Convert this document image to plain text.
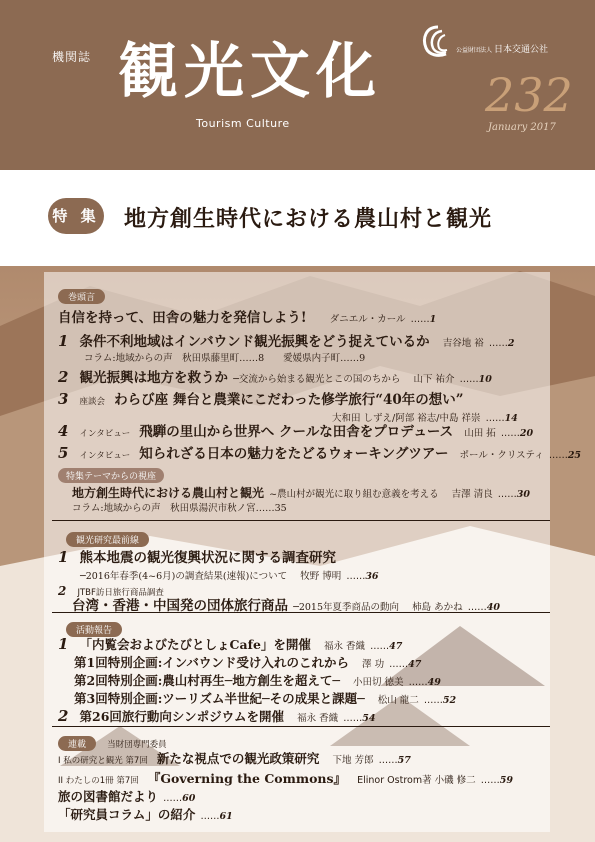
機関誌 観光文化
Tourism Culture
公益財団法人 日本交通公社
232
January 2017
特 集 地方創生時代における農山村と観光
巻頭言
自信を持って、田舎の魅力を発信しよう! ダニエル・カール ……1
1 条件不利地域はインバウンド観光振興をどう捉えているか 吉谷地 裕 ……2
コラム:地域からの声　秋田県藤里町……8　　愛媛県内子町……9
2 観光振興は地方を救うか ─交流から始まる観光とこの国のちから 山下 祐介 ……10
3 座談会 わらび座 舞台と農業にこだわった修学旅行“40年の想い”
大和田 しずえ/阿部 裕志/中島 祥崇 ……14
4 インタビュー 飛騨の里山から世界へ クールな田舎をプロデュース 山田 拓 ……20
5 インタビュー 知られざる日本の魅力をたどるウォーキングツアー ポール・クリスティ ……25
特集テーマからの視座
地方創生時代における農山村と観光 ~農山村が観光に取り組む意義を考える 吉澤 清良 ……30
コラム:地域からの声　秋田県湯沢市秋ノ宮……35
観光研究最前線
1 熊本地震の観光復興状況に関する調査研究
─2016年春季(4~6月)の調査結果(速報)について 牧野 博明 ……36
2 JTBF訪日旅行商品調査
台湾・香港・中国発の団体旅行商品 ─2015年夏季商品の動向 柿島 あかね ……40
活動報告
1 「内覧会およびたびとしょCafe」を開催 福永 香織 ……47
第1回特別企画:インバウンド受け入れのこれから 澤 功 ……47
第2回特別企画:農山村再生─地方創生を超えて─ 小田切 徳美 ……49
第3回特別企画:ツーリズム半世紀─その成果と課題─ 松山 龍二 ……52
2 第26回旅行動向シンポジウムを開催 福永 香織 ……54
連載 当財団専門委員
I 私の研究と観光 第7回 新たな視点での観光政策研究 下地 芳郎 ……57
II わたしの1冊 第7回 『Governing the Commons』 Elinor Ostrom著 小磯 修二 ……59
旅の図書館だより ……60
「研究員コラム」の紹介 ……61
